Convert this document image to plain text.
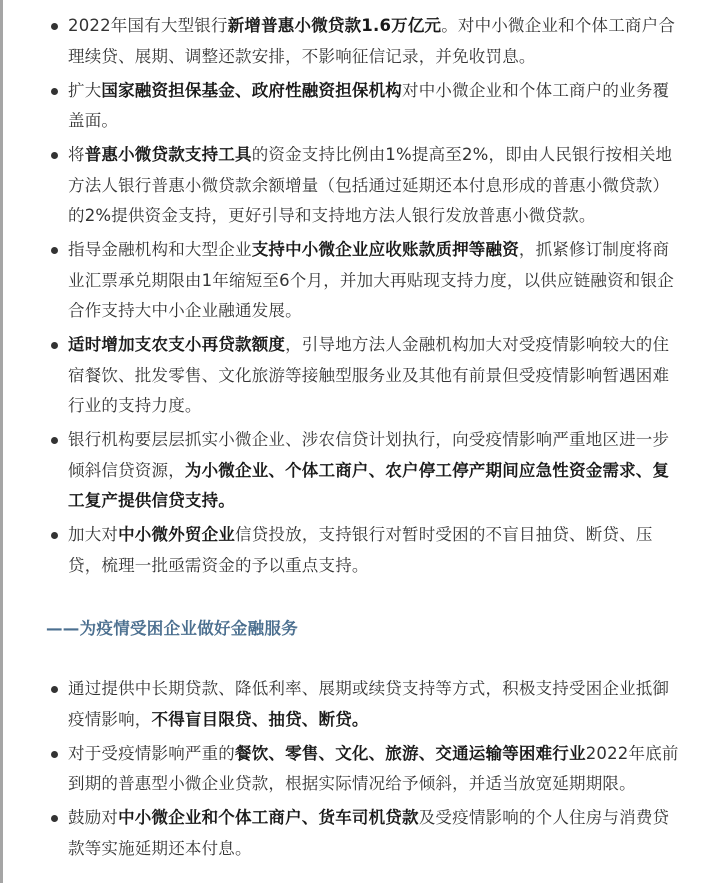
2022年国有大型银行新增普惠小微贷款1.6万亿元。对中小微企业和个体工商户合理续贷、展期、调整还款安排，不影响征信记录，并免收罚息。
扩大国家融资担保基金、政府性融资担保机构对中小微企业和个体工商户的业务覆盖面。
将普惠小微贷款支持工具的资金支持比例由1%提高至2%，即由人民银行按相关地方法人银行普惠小微贷款余额增量（包括通过延期还本付息形成的普惠小微贷款）的2%提供资金支持，更好引导和支持地方法人银行发放普惠小微贷款。
指导金融机构和大型企业支持中小微企业应收账款质押等融资，抓紧修订制度将商业汇票承兑期限由1年缩短至6个月，并加大再贴现支持力度，以供应链融资和银企合作支持大中小企业融通发展。
适时增加支农支小再贷款额度，引导地方法人金融机构加大对受疫情影响较大的住宿餐饮、批发零售、文化旅游等接触型服务业及其他有前景但受疫情影响暂遇困难行业的支持力度。
银行机构要层层抓实小微企业、涉农信贷计划执行，向受疫情影响严重地区进一步倾斜信贷资源，为小微企业、个体工商户、农户停工停产期间应急性资金需求、复工复产提供信贷支持。
加大对中小微外贸企业信贷投放，支持银行对暂时受困的不盲目抽贷、断贷、压贷，梳理一批亟需资金的予以重点支持。
——为疫情受困企业做好金融服务
通过提供中长期贷款、降低利率、展期或续贷支持等方式，积极支持受困企业抵御疫情影响，不得盲目限贷、抽贷、断贷。
对于受疫情影响严重的餐饮、零售、文化、旅游、交通运输等困难行业2022年底前到期的普惠型小微企业贷款，根据实际情况给予倾斜，并适当放宽延期期限。
鼓励对中小微企业和个体工商户、货车司机贷款及受疫情影响的个人住房与消费贷款等实施延期还本付息。
